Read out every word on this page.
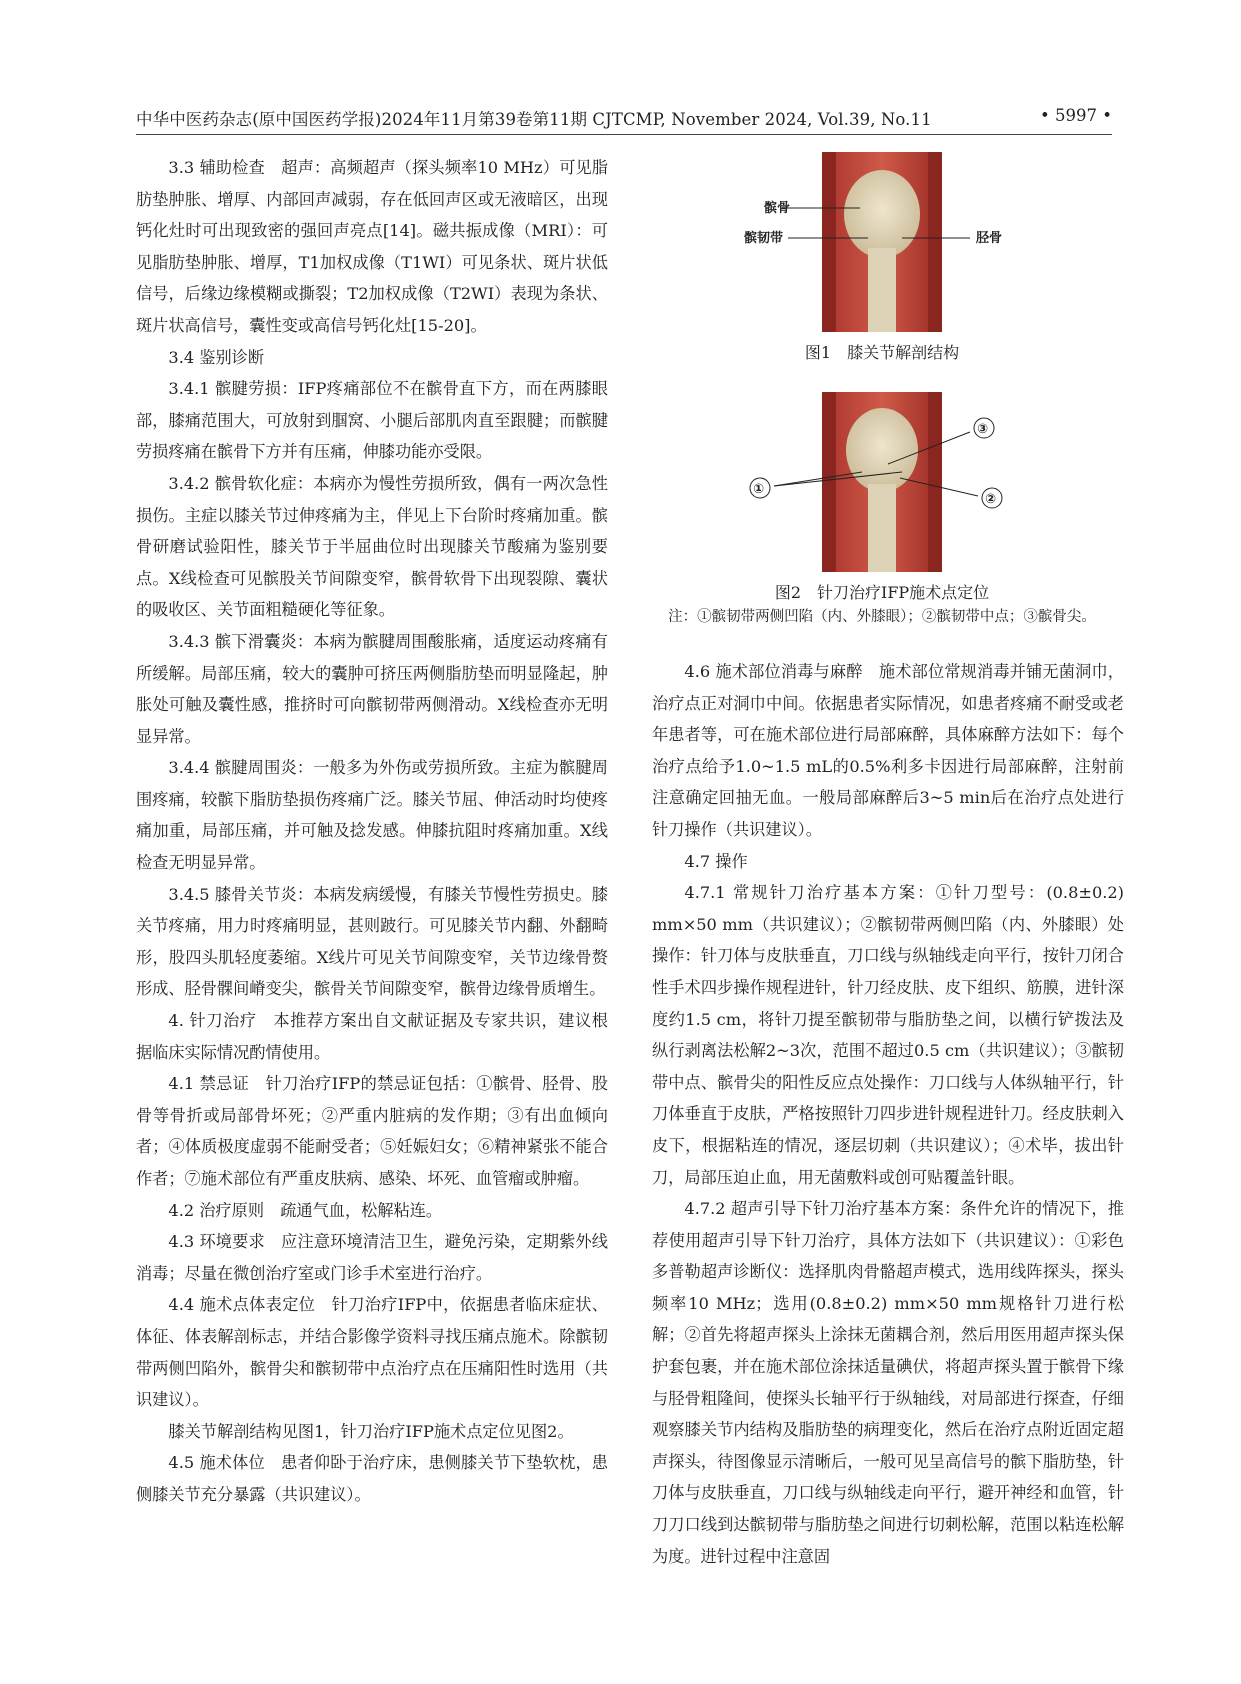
中华中医药杂志(原中国医药学报)2024年11月第39卷第11期 CJTCMP, November 2024, Vol.39, No.11	• 5997 •

3.3 辅助检查　超声：高频超声（探头频率10 MHz）可见脂肪垫肿胀、增厚、内部回声减弱，存在低回声区或无液暗区，出现钙化灶时可出现致密的强回声亮点[14]。磁共振成像（MRI）：可见脂肪垫肿胀、增厚，T1加权成像（T1WI）可见条状、斑片状低信号，后缘边缘模糊或撕裂；T2加权成像（T2WI）表现为条状、斑片状高信号，囊性变或高信号钙化灶[15-20]。

3.4 鉴别诊断

3.4.1 髌腱劳损：IFP疼痛部位不在髌骨直下方，而在两膝眼部，膝痛范围大，可放射到腘窝、小腿后部肌肉直至跟腱；而髌腱劳损疼痛在髌骨下方并有压痛，伸膝功能亦受限。

3.4.2 髌骨软化症：本病亦为慢性劳损所致，偶有一两次急性损伤。主症以膝关节过伸疼痛为主，伴见上下台阶时疼痛加重。髌骨研磨试验阳性，膝关节于半屈曲位时出现膝关节酸痛为鉴别要点。X线检查可见髌股关节间隙变窄，髌骨软骨下出现裂隙、囊状的吸收区、关节面粗糙硬化等征象。

3.4.3 髌下滑囊炎：本病为髌腱周围酸胀痛，适度运动疼痛有所缓解。局部压痛，较大的囊肿可挤压两侧脂肪垫而明显隆起，肿胀处可触及囊性感，推挤时可向髌韧带两侧滑动。X线检查亦无明显异常。

3.4.4 髌腱周围炎：一般多为外伤或劳损所致。主症为髌腱周围疼痛，较髌下脂肪垫损伤疼痛广泛。膝关节屈、伸活动时均使疼痛加重，局部压痛，并可触及捻发感。伸膝抗阻时疼痛加重。X线检查无明显异常。

3.4.5 膝骨关节炎：本病发病缓慢，有膝关节慢性劳损史。膝关节疼痛，用力时疼痛明显，甚则跛行。可见膝关节内翻、外翻畸形，股四头肌轻度萎缩。X线片可见关节间隙变窄，关节边缘骨赘形成、胫骨髁间嵴变尖，髌骨关节间隙变窄，髌骨边缘骨质增生。

4. 针刀治疗　本推荐方案出自文献证据及专家共识，建议根据临床实际情况酌情使用。

4.1 禁忌证　针刀治疗IFP的禁忌证包括：①髌骨、胫骨、股骨等骨折或局部骨坏死；②严重内脏病的发作期；③有出血倾向者；④体质极度虚弱不能耐受者；⑤妊娠妇女；⑥精神紧张不能合作者；⑦施术部位有严重皮肤病、感染、坏死、血管瘤或肿瘤。

4.2 治疗原则　疏通气血，松解粘连。

4.3 环境要求　应注意环境清洁卫生，避免污染，定期紫外线消毒；尽量在微创治疗室或门诊手术室进行治疗。

4.4 施术点体表定位　针刀治疗IFP中，依据患者临床症状、体征、体表解剖标志，并结合影像学资料寻找压痛点施术。除髌韧带两侧凹陷外，髌骨尖和髌韧带中点治疗点在压痛阳性时选用（共识建议）。

膝关节解剖结构见图1，针刀治疗IFP施术点定位见图2。

4.5 施术体位　患者仰卧于治疗床，患侧膝关节下垫软枕，患侧膝关节充分暴露（共识建议）。

髌骨
髌韧带	胫骨
图1　膝关节解剖结构
①
②
③
图2　针刀治疗IFP施术点定位
注：①髌韧带两侧凹陷（内、外膝眼）；②髌韧带中点；③髌骨尖。

4.6 施术部位消毒与麻醉　施术部位常规消毒并铺无菌洞巾，治疗点正对洞巾中间。依据患者实际情况，如患者疼痛不耐受或老年患者等，可在施术部位进行局部麻醉，具体麻醉方法如下：每个治疗点给予1.0~1.5 mL的0.5%利多卡因进行局部麻醉，注射前注意确定回抽无血。一般局部麻醉后3~5 min后在治疗点处进行针刀操作（共识建议）。

4.7 操作

4.7.1 常规针刀治疗基本方案：①针刀型号：(0.8±0.2) mm×50 mm（共识建议）；②髌韧带两侧凹陷（内、外膝眼）处操作：针刀体与皮肤垂直，刀口线与纵轴线走向平行，按针刀闭合性手术四步操作规程进针，针刀经皮肤、皮下组织、筋膜，进针深度约1.5 cm，将针刀提至髌韧带与脂肪垫之间，以横行铲拨法及纵行剥离法松解2~3次，范围不超过0.5 cm（共识建议）；③髌韧带中点、髌骨尖的阳性反应点处操作：刀口线与人体纵轴平行，针刀体垂直于皮肤，严格按照针刀四步进针规程进针刀。经皮肤刺入皮下，根据粘连的情况，逐层切刺（共识建议）；④术毕，拔出针刀，局部压迫止血，用无菌敷料或创可贴覆盖针眼。

4.7.2 超声引导下针刀治疗基本方案：条件允许的情况下，推荐使用超声引导下针刀治疗，具体方法如下（共识建议）：①彩色多普勒超声诊断仪：选择肌肉骨骼超声模式，选用线阵探头，探头频率10 MHz；选用(0.8±0.2) mm×50 mm规格针刀进行松解；②首先将超声探头上涂抹无菌耦合剂，然后用医用超声探头保护套包裹，并在施术部位涂抹适量碘伏，将超声探头置于髌骨下缘与胫骨粗隆间，使探头长轴平行于纵轴线，对局部进行探查，仔细观察膝关节内结构及脂肪垫的病理变化，然后在治疗点附近固定超声探头，待图像显示清晰后，一般可见呈高信号的髌下脂肪垫，针刀体与皮肤垂直，刀口线与纵轴线走向平行，避开神经和血管，针刀刀口线到达髌韧带与脂肪垫之间进行切刺松解，范围以粘连松解为度。进针过程中注意固
